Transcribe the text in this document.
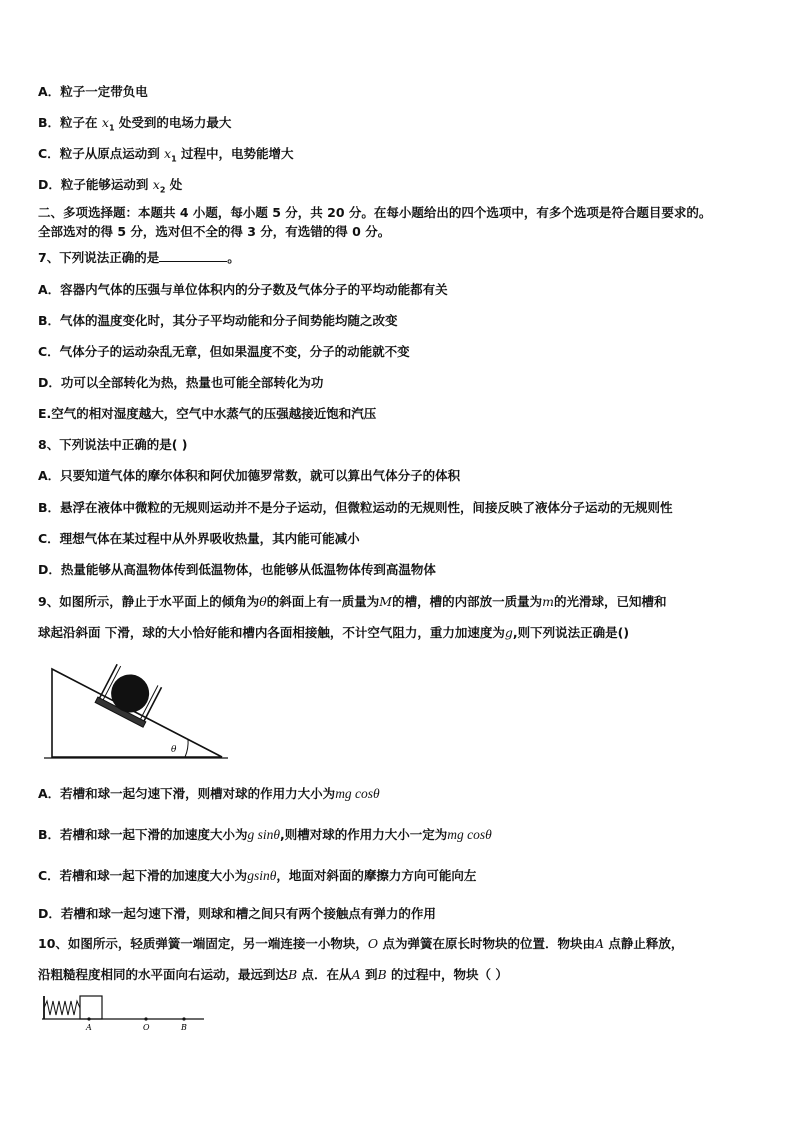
A．粒子一定带负电

B．粒子在 $x_1$ 处受到的电场力最大

C．粒子从原点运动到 $x_1$ 过程中，电势能增大

D．粒子能够运动到 $x_2$ 处

二、多项选择题：本题共 4 小题，每小题 5 分，共 20 分。在每小题给出的四个选项中，有多个选项是符合题目要求的。

全部选对的得 5 分，选对但不全的得 3 分，有选错的得 0 分。

7、下列说法正确的是	。

A．容器内气体的压强与单位体积内的分子数及气体分子的平均动能都有关

B．气体的温度变化时，其分子平均动能和分子间势能均随之改变

C．气体分子的运动杂乱无章，但如果温度不变，分子的动能就不变

D．功可以全部转化为热，热量也可能全部转化为功

E.空气的相对湿度越大，空气中水蒸气的压强越接近饱和汽压

8、下列说法中正确的是( )

A．只要知道气体的摩尔体积和阿伏加德罗常数，就可以算出气体分子的体积

B．悬浮在液体中微粒的无规则运动并不是分子运动，但微粒运动的无规则性，间接反映了液体分子运动的无规则性

C．理想气体在某过程中从外界吸收热量，其内能可能减小

D．热量能够从高温物体传到低温物体，也能够从低温物体传到高温物体

9、如图所示，静止于水平面上的倾角为θ的斜面上有一质量为M的槽，槽的内部放一质量为m的光滑球，已知槽和

球起沿斜面 下滑，球的大小恰好能和槽内各面相接触，不计空气阻力，重力加速度为g,则下列说法正确是()

θ

A．若槽和球一起匀速下滑，则槽对球的作用力大小为mg cosθ

B．若槽和球一起下滑的加速度大小为g sinθ,则槽对球的作用力大小一定为mg cosθ

C．若槽和球一起下滑的加速度大小为gsinθ，地面对斜面的摩擦力方向可能向左

D．若槽和球一起匀速下滑，则球和槽之间只有两个接触点有弹力的作用

10、如图所示，轻质弹簧一端固定，另一端连接一小物块，O 点为弹簧在原长时物块的位置．物块由A 点静止释放，

沿粗糙程度相同的水平面向右运动，最远到达B 点．在从A 到B 的过程中，物块（ ）

A	O	B
